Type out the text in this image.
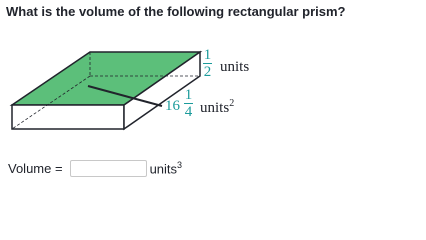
What is the volume of the following rectangular prism?
1
2 units
16
1
4 units$^2$
Volume =	units$^3$
